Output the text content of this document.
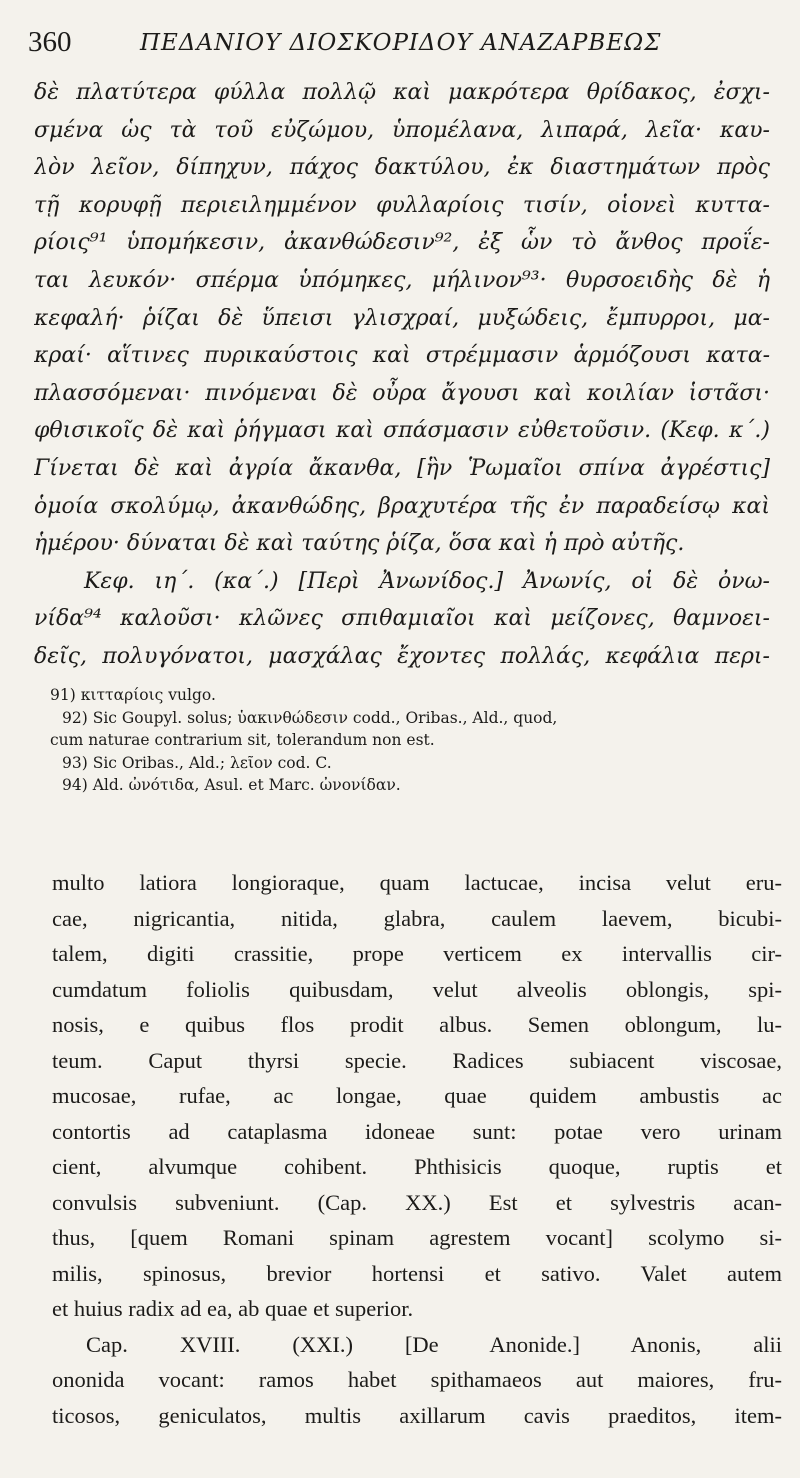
360	ΠΕΔΑΝΙΟΥ ΔΙΟΣΚΟΡΙΔΟΥ ΑΝΑΖΑΡΒΕΩΣ
δὲ πλατύτερα φύλλα πολλῷ καὶ μακρότερα θρίδακος, ἐσχι-
σμένα ὡς τὰ τοῦ εὐζώμου, ὑπομέλανα, λιπαρά, λεῖα· καυ-
λὸν λεῖον, δίπηχυν, πάχος δακτύλου, ἐκ διαστημάτων πρὸς
τῇ κορυφῇ περιειλημμένον φυλλαρίοις τισίν, οἱονεὶ κυττα-
ρίοις⁹¹ ὑπομήκεσιν, ἀκανθώδεσιν⁹², ἐξ ὧν τὸ ἄνθος προΐε-
ται λευκόν· σπέρμα ὑπόμηκες, μήλινον⁹³· θυρσοειδὴς δὲ ἡ
κεφαλή· ῥίζαι δὲ ὕπεισι γλισχραί, μυξώδεις, ἔμπυρροι, μα-
κραί· αἵτινες πυρικαύστοις καὶ στρέμμασιν ἁρμόζουσι κατα-
πλασσόμεναι· πινόμεναι δὲ οὖρα ἄγουσι καὶ κοιλίαν ἱστᾶσι·
φθισικοῖς δὲ καὶ ῥήγμασι καὶ σπάσμασιν εὐθετοῦσιν. (Κεφ. κ΄.)
Γίνεται δὲ καὶ ἀγρία ἄκανθα, [ἣν Ῥωμαῖοι σπίνα ἀγρέστις]
ὁμοία σκολύμῳ, ἀκανθώδης, βραχυτέρα τῆς ἐν παραδείσῳ καὶ
ἡμέρου· δύναται δὲ καὶ ταύτης ῥίζα, ὅσα καὶ ἡ πρὸ αὐτῆς.
Κεφ. ιη΄. (κα΄.) [Περὶ Ἀνωνίδος.] Ἀνωνίς, οἱ δὲ ὀνω-
νίδα⁹⁴ καλοῦσι· κλῶνες σπιθαμιαῖοι καὶ μείζονες, θαμνοει-
δεῖς, πολυγόνατοι, μασχάλας ἔχοντες πολλάς, κεφάλια περι-
91) κιτταρίοις vulgo.
92) Sic Goupyl. solus; ὑακινθώδεσιν codd., Oribas., Ald., quod,
cum naturae contrarium sit, tolerandum non est.
93) Sic Oribas., Ald.; λεῖον cod. C.
94) Ald. ὠνότιδα, Asul. et Marc. ὠνονίδαν.
multo latiora longioraque, quam lactucae, incisa velut eru-
cae, nigricantia, nitida, glabra, caulem laevem, bicubi-
talem, digiti crassitie, prope verticem ex intervallis cir-
cumdatum foliolis quibusdam, velut alveolis oblongis, spi-
nosis, e quibus flos prodit albus. Semen oblongum, lu-
teum. Caput thyrsi specie. Radices subiacent viscosae,
mucosae, rufae, ac longae, quae quidem ambustis ac
contortis ad cataplasma idoneae sunt: potae vero urinam
cient, alvumque cohibent. Phthisicis quoque, ruptis et
convulsis subveniunt. (Cap. XX.) Est et sylvestris acan-
thus, [quem Romani spinam agrestem vocant] scolymo si-
milis, spinosus, brevior hortensi et sativo. Valet autem
et huius radix ad ea, ab quae et superior.
Cap. XVIII. (XXI.) [De Anonide.] Anonis, alii
ononida vocant: ramos habet spithamaeos aut maiores, fru-
ticosos, geniculatos, multis axillarum cavis praeditos, item-
